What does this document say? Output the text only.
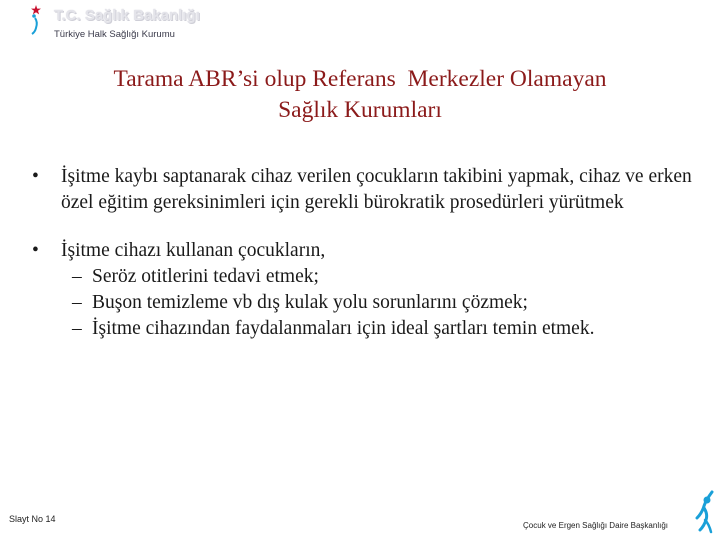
T.C. Sağlık Bakanlığı
Türkiye Halk Sağlığı Kurumu
Tarama ABR’si olup Referans  Merkezler Olamayan
Sağlık Kurumları
• İşitme kaybı saptanarak cihaz verilen çocukların takibini yapmak, cihaz ve erken özel eğitim gereksinimleri için gerekli bürokratik prosedürleri yürütmek
• İşitme cihazı kullanan çocukların,
– Seröz otitlerini tedavi etmek;
– Buşon temizleme vb dış kulak yolu sorunlarını çözmek;
– İşitme cihazından faydalanmaları için ideal şartları temin etmek.
Slayt No 14
Çocuk ve Ergen Sağlığı Daire Başkanlığı
